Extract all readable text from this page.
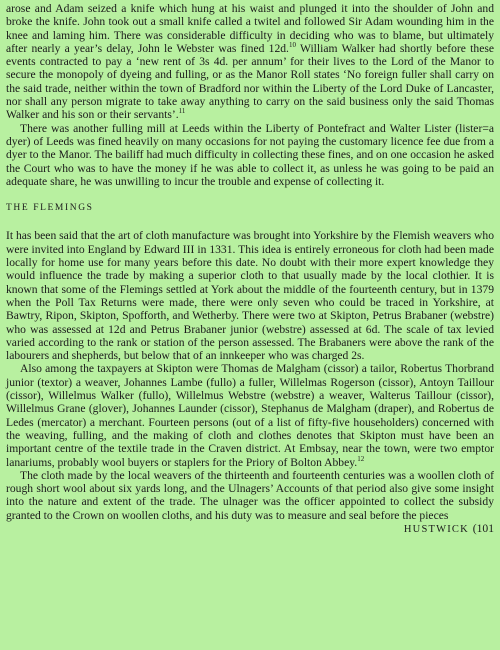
arose and Adam seized a knife which hung at his waist and plunged it into the shoulder of John and broke the knife. John took out a small knife called a twitel and followed Sir Adam wounding him in the knee and laming him. There was considerable difficulty in deciding who was to blame, but ultimately after nearly a year’s delay, John le Webster was fined 12d.$^{10}$ William Walker had shortly before these events contracted to pay a ‘new rent of 3s 4d. per annum’ for their lives to the Lord of the Manor to secure the monopoly of dyeing and fulling, or as the Manor Roll states ‘No foreign fuller shall carry on the said trade, neither within the town of Bradford nor within the Liberty of the Lord Duke of Lancaster, nor shall any person migrate to take away anything to carry on the said business only the said Thomas Walker and his son or their servants’.$^{11}$

There was another fulling mill at Leeds within the Liberty of Pontefract and Walter Lister (lister=a dyer) of Leeds was fined heavily on many occasions for not paying the customary licence fee due from a dyer to the Manor. The bailiff had much difficulty in collecting these fines, and on one occasion he asked the Court who was to have the money if he was able to collect it, as unless he was going to be paid an adequate share, he was unwilling to incur the trouble and expense of collecting it.

THE FLEMINGS

It has been said that the art of cloth manufacture was brought into Yorkshire by the Flemish weavers who were invited into England by Edward III in 1331. This idea is entirely erroneous for cloth had been made locally for home use for many years before this date. No doubt with their more expert knowledge they would influence the trade by making a superior cloth to that usually made by the local clothier. It is known that some of the Flemings settled at York about the middle of the fourteenth century, but in 1379 when the Poll Tax Returns were made, there were only seven who could be traced in Yorkshire, at Bawtry, Ripon, Skipton, Spofforth, and Wetherby. There were two at Skipton, Petrus Brabaner (webstre) who was assessed at 12d and Petrus Brabaner junior (webstre) assessed at 6d. The scale of tax levied varied according to the rank or station of the person assessed. The Brabaners were above the rank of the labourers and shepherds, but below that of an innkeeper who was charged 2s.

Also among the taxpayers at Skipton were Thomas de Malgham (cissor) a tailor, Robertus Thorbrand junior (textor) a weaver, Johannes Lambe (fullo) a fuller, Willelmas Rogerson (cissor), Antoyn Taillour (cissor), Willelmus Walker (fullo), Willelmus Webstre (webstre) a weaver, Walterus Taillour (cissor), Willelmus Grane (glover), Johannes Launder (cissor), Stephanus de Malgham (draper), and Robertus de Ledes (mercator) a merchant. Fourteen persons (out of a list of fifty-five householders) concerned with the weaving, fulling, and the making of cloth and clothes denotes that Skipton must have been an important centre of the textile trade in the Craven district. At Embsay, near the town, were two emptor lanariums, probably wool buyers or staplers for the Priory of Bolton Abbey.$^{12}$

The cloth made by the local weavers of the thirteenth and fourteenth centuries was a woollen cloth of rough short wool about six yards long, and the Ulnagers’ Accounts of that period also give some insight into the nature and extent of the trade. The ulnager was the officer appointed to collect the subsidy granted to the Crown on woollen cloths, and his duty was to measure and seal before the pieces

HUSTWICK (101
